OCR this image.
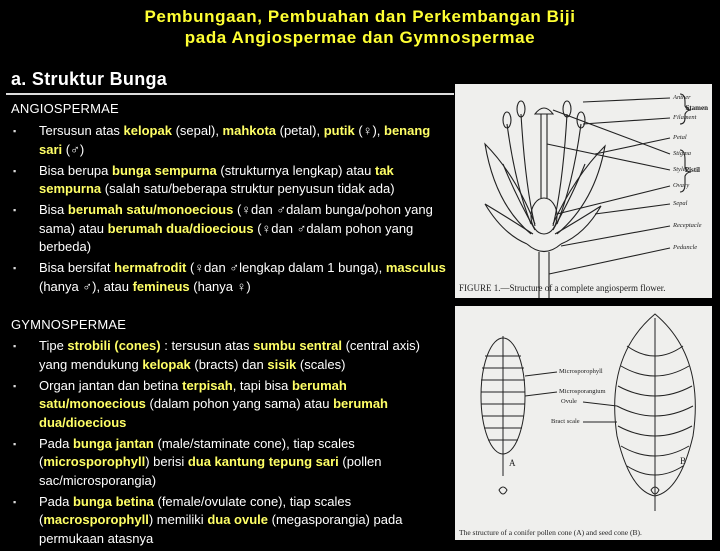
Pembungaan, Pembuahan dan Perkembangan Biji
pada Angiospermae dan Gymnospermae
a. Struktur Bunga
ANGIOSPERMAE
▪ Tersusun atas kelopak (sepal), mahkota (petal), putik (♀), benang sari (♂)
▪ Bisa berupa bunga sempurna (strukturnya lengkap) atau tak sempurna (salah satu/beberapa struktur penyusun tidak ada)
▪ Bisa berumah satu/monoecious (♀dan ♂dalam bunga/pohon yang sama) atau berumah dua/dioecious (♀dan ♂dalam pohon yang berbeda)
▪ Bisa bersifat hermafrodit (♀dan ♂lengkap dalam 1 bunga), masculus (hanya ♂), atau femineus (hanya ♀)
GYMNOSPERMAE
▪ Tipe strobili (cones) : tersusun atas sumbu sentral (central axis) yang mendukung kelopak (bracts) dan sisik (scales)
▪ Organ jantan dan betina terpisah, tapi bisa berumah satu/monoecious (dalam pohon yang sama) atau berumah dua/dioecious
▪ Pada bunga jantan (male/staminate cone), tiap scales (microsporophyll) berisi dua kantung tepung sari (pollen sac/microsporangia)
▪ Pada bunga betina (female/ovulate cone), tiap scales (macrosporophyll) memiliki dua ovule (megasporangia) pada permukaan atasnya
Anther
Filament
Petal
Stigma
Style
Ovary
Sepal
Receptacle
Peduncle
Stamen
Pistil
FIGURE 1.—Structure of a complete angiosperm flower.
Microsporophyll
Microsporangium
Ovule
Bract scale
A	B
The structure of a conifer pollen cone (A) and seed cone (B).
